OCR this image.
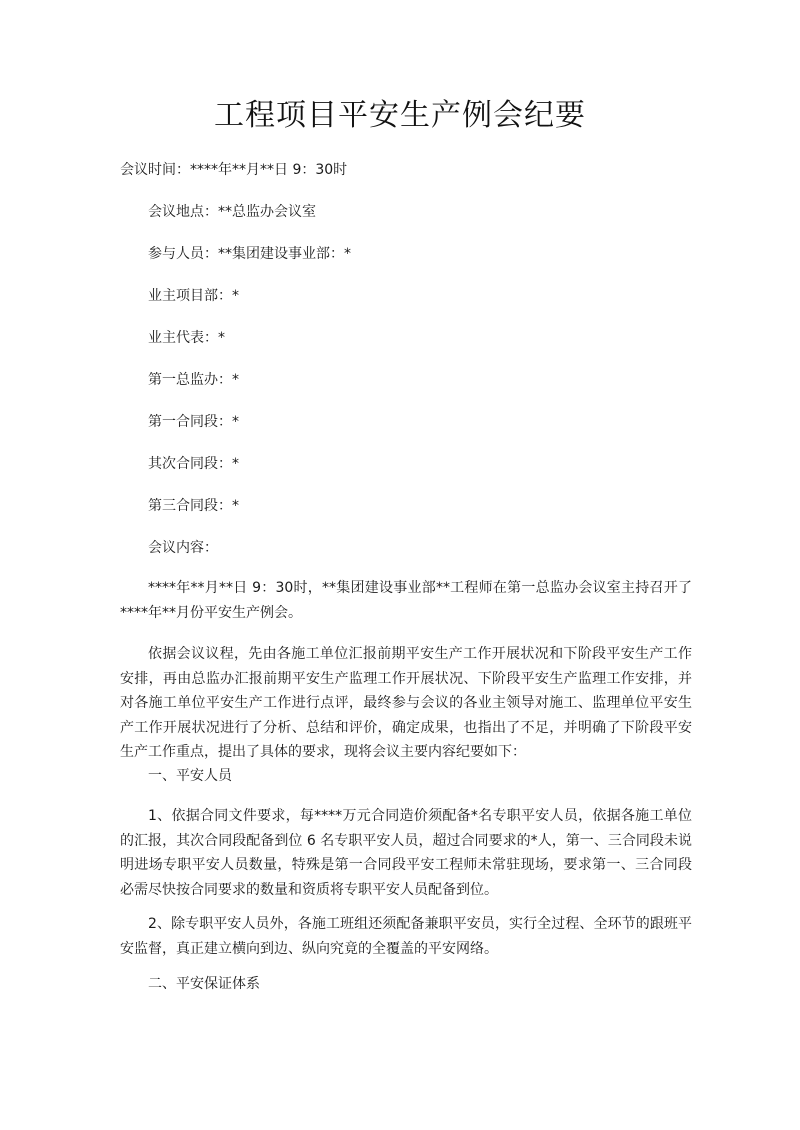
工程项目平安生产例会纪要
会议时间：****年**月**日 9：30时
会议地点：**总监办会议室
参与人员：**集团建设事业部：*
业主项目部：*
业主代表：*
第一总监办：*
第一合同段：*
其次合同段：*
第三合同段：*
会议内容：
****年**月**日 9：30时，**集团建设事业部**工程师在第一总监办会议室主持召开了****年**月份平安生产例会。
依据会议议程，先由各施工单位汇报前期平安生产工作开展状况和下阶段平安生产工作安排，再由总监办汇报前期平安生产监理工作开展状况、下阶段平安生产监理工作安排，并对各施工单位平安生产工作进行点评，最终参与会议的各业主领导对施工、监理单位平安生产工作开展状况进行了分析、总结和评价，确定成果，也指出了不足，并明确了下阶段平安生产工作重点，提出了具体的要求，现将会议主要内容纪要如下：
一、平安人员
1、依据合同文件要求，每****万元合同造价须配备*名专职平安人员，依据各施工单位的汇报，其次合同段配备到位 6 名专职平安人员，超过合同要求的*人，第一、三合同段未说明进场专职平安人员数量，特殊是第一合同段平安工程师未常驻现场，要求第一、三合同段必需尽快按合同要求的数量和资质将专职平安人员配备到位。
2、除专职平安人员外，各施工班组还须配备兼职平安员，实行全过程、全环节的跟班平安监督，真正建立横向到边、纵向究竟的全覆盖的平安网络。
二、平安保证体系
